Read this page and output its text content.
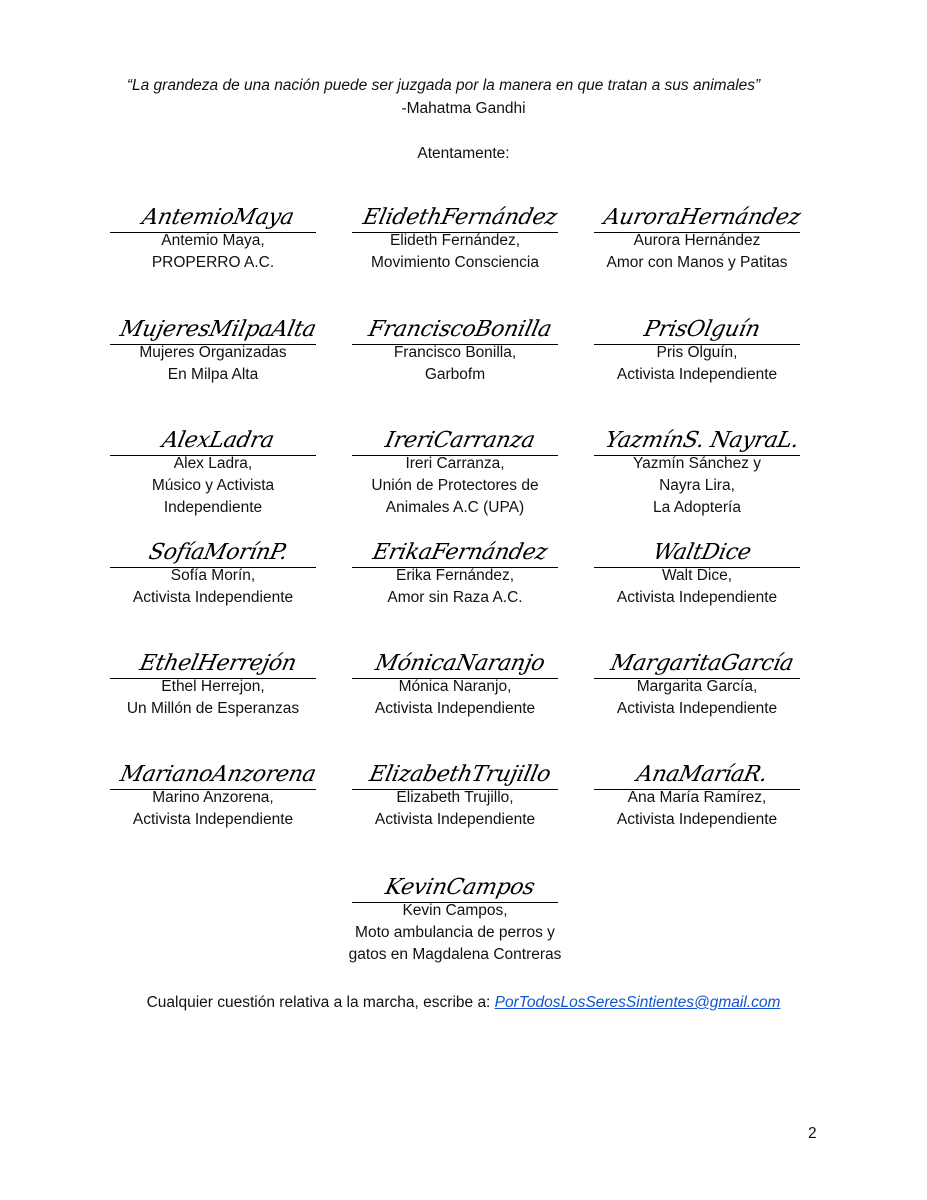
“La grandeza de una nación puede ser juzgada por la manera en que tratan a sus animales”
-Mahatma Gandhi
Atentamente:
AntemioMaya
Antemio Maya,
PROPERRO A.C.
ElidethFernández
Elideth Fernández,
Movimiento Consciencia
AuroraHernández
Aurora Hernández
Amor con Manos y Patitas
MujeresMilpaAlta
Mujeres Organizadas
En Milpa Alta
FranciscoBonilla
Francisco Bonilla,
Garbofm
PrisOlguín
Pris Olguín,
Activista Independiente
AlexLadra
Alex Ladra,
Músico y Activista
Independiente
IreriCarranza
Ireri Carranza,
Unión de Protectores de
Animales A.C (UPA)
YazmínS. NayraL.
Yazmín Sánchez y
Nayra Lira,
La Adoptería
SofíaMorínP.
Sofía Morín,
Activista Independiente
ErikaFernández
Erika Fernández,
Amor sin Raza A.C.
WaltDice
Walt Dice,
Activista Independiente
EthelHerrejón
Ethel Herrejon,
Un Millón de Esperanzas
MónicaNaranjo
Mónica Naranjo,
Activista Independiente
MargaritaGarcía
Margarita García,
Activista Independiente
MarianoAnzorena
Marino Anzorena,
Activista Independiente
ElizabethTrujillo
Elizabeth Trujillo,
Activista Independiente
AnaMaríaR.
Ana María Ramírez,
Activista Independiente
KevinCampos
Kevin Campos,
Moto ambulancia de perros y
gatos en Magdalena Contreras
Cualquier cuestión relativa a la marcha, escribe a: PorTodosLosSeresSintientes@gmail.com
2
